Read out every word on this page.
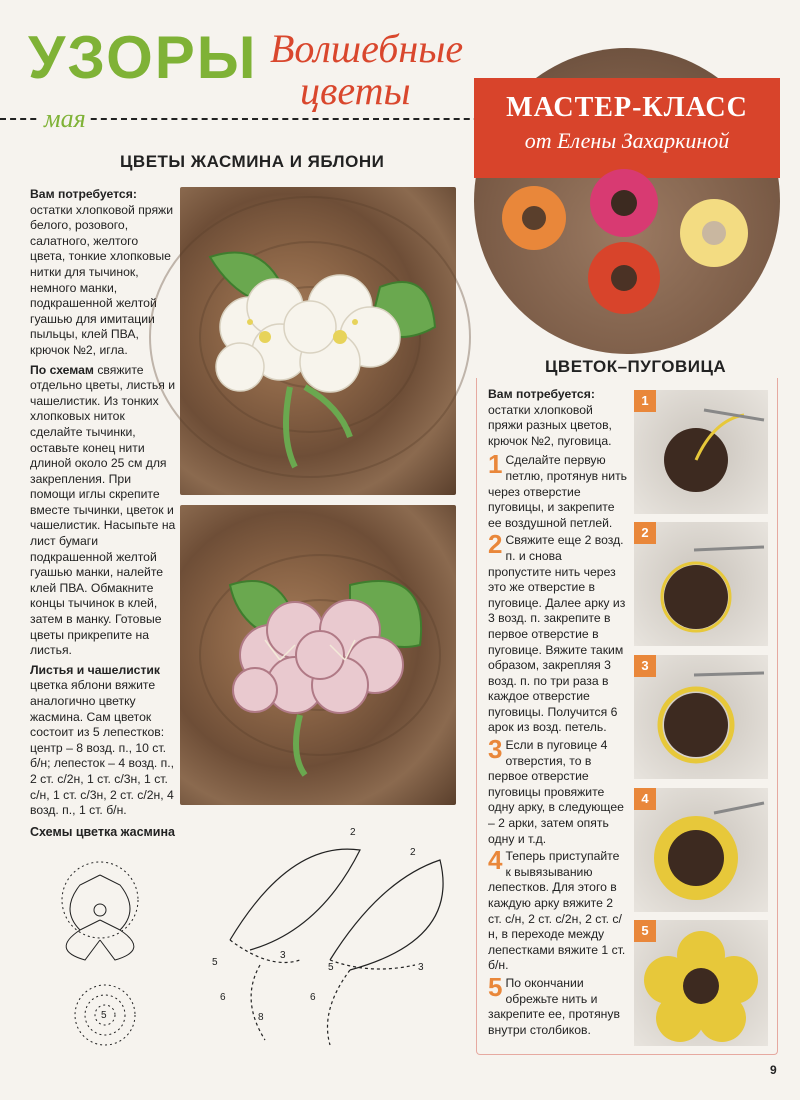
УЗОРЫ
мая
Волшебные
цветы
ЦВЕТЫ ЖАСМИНА И ЯБЛОНИ

Вам потребуется: остатки хлопковой пряжи белого, розового, салатного, желтого цвета, тонкие хлопковые нитки для тычинок, немного манки, подкрашенной желтой гуашью для имитации пыльцы, клей ПВА, крючок №2, игла.

По схемам свяжите отдельно цветы, листья и чашелистик. Из тонких хлопковых ниток сделайте тычинки, оставьте конец нити длиной около 25 см для закрепления. При помощи иглы скрепите вместе тычинки, цветок и чашелистик. Насыпьте на лист бумаги подкрашенной желтой гуашью манки, налейте клей ПВА. Обмакните концы тычинок в клей, затем в манку. Готовые цветы прикрепите на листья.

Листья и чашелистик цветка яблони вяжите аналогично цветку жасмина. Сам цветок состоит из 5 лепестков: центр – 8 возд. п., 10 ст. б/н; лепесток – 4 возд. п., 2 ст. с/2н, 1 ст. с/3н, 1 ст. с/н, 1 ст. с/3н, 2 ст. с/2н, 4 возд. п., 1 ст. б/н.

Схемы цветка жасмина	2
3
5
6
8
2
3
5
6
5
МАСТЕР-КЛАСС
от Елены Захаркиной
ЦВЕТОК–ПУГОВИЦА
Вам потребуется:
остатки хлопковой пряжи разных цветов, крючок №2, пуговица.
1 Сделайте первую петлю, протянув нить через отверстие пуговицы, и закрепите ее воздушной петлей.
2 Свяжите еще 2 возд. п. и снова пропустите нить через это же отверстие в пуговице. Далее арку из 3 возд. п. закрепите в первое отверстие в пуговице. Вяжите таким образом, закрепляя 3 возд. п. по три раза в каждое отверстие пуговицы. Получится 6 арок из возд. петель.
3 Если в пуговице 4 отверстия, то в первое отверстие пуговицы провяжите одну арку, в следующее – 2 арки, затем опять одну и т.д.
4 Теперь приступайте к вывязыванию лепестков. Для этого в каждую арку вяжите 2 ст. с/н, 2 ст. с/2н, 2 ст. с/н, в переходе между лепестками вяжите 1 ст. б/н.
5 По окончании обрежьте нить и закрепите ее, протянув внутри столбиков.
1
2
3
4
5
9
